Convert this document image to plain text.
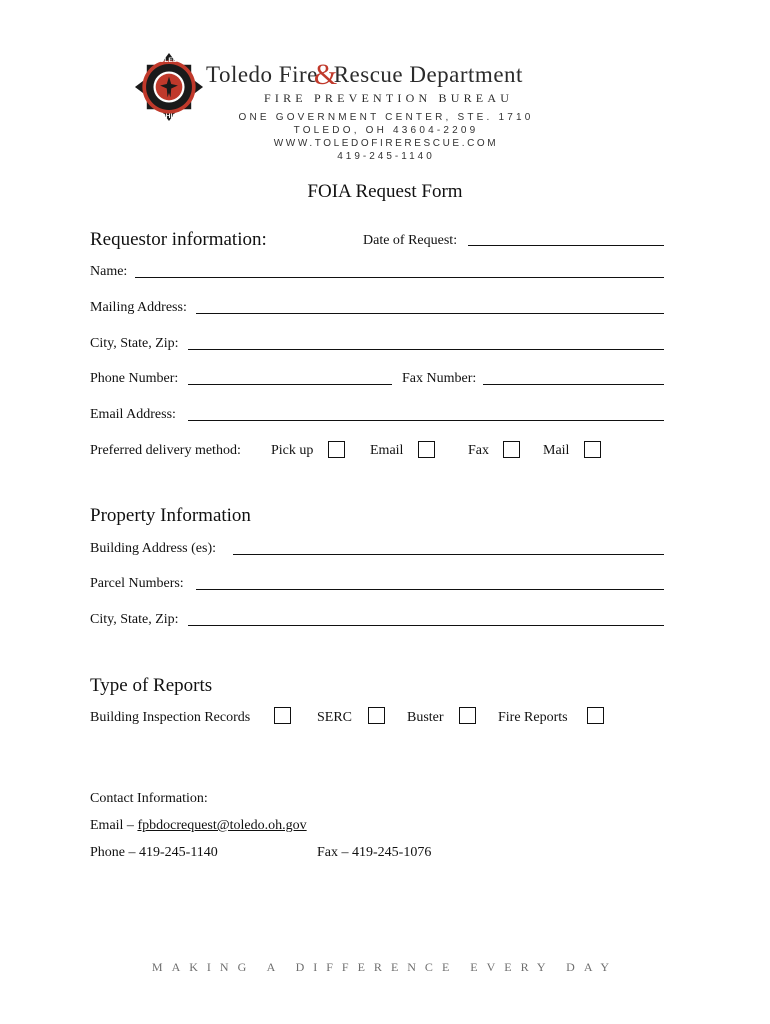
TOLEDO
OHIO
Toledo Fire&Rescue Department
FIRE PREVENTION BUREAU
ONE GOVERNMENT CENTER, STE. 1710
TOLEDO, OH 43604-2209
WWW.TOLEDOFIRERESCUE.COM
419-245-1140
FOIA Request Form
Requestor information:	Date of Request:
Name:
Mailing Address:
City, State, Zip:
Phone Number:	Fax Number:
Email Address:
Preferred delivery method: Pick up	Email	Fax	Mail
Property Information
Building Address (es):
Parcel Numbers:
City, State, Zip:
Type of Reports
Building Inspection Records	SERC	Buster	Fire Reports
Contact Information:
Email – fpbdocrequest@toledo.oh.gov
Phone – 419-245-1140	Fax – 419-245-1076
MAKING A DIFFERENCE EVERY DAY
